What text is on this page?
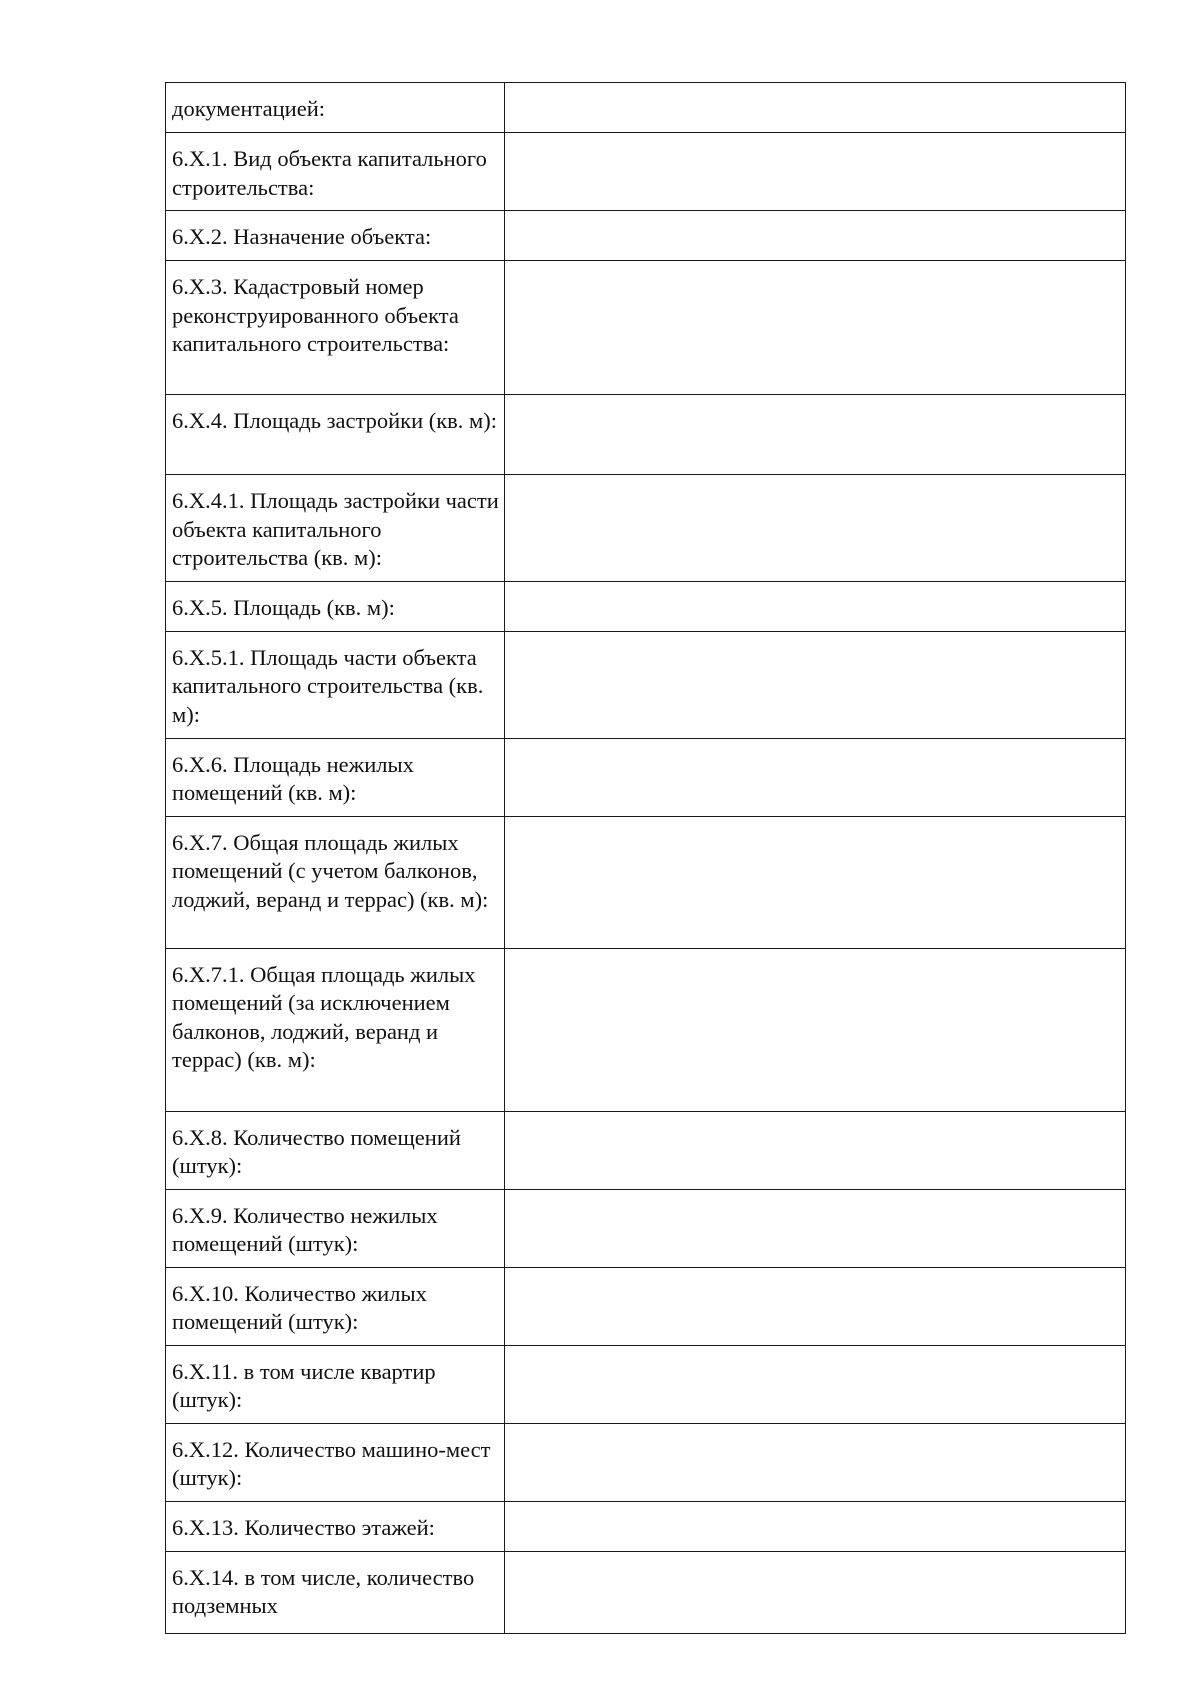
документацией:	
6.Х.1. Вид объекта капитального строительства:	
6.Х.2. Назначение объекта:	
6.Х.3. Кадастровый номер реконструированного объекта капитального строительства:	
6.Х.4. Площадь застройки (кв. м):	
6.Х.4.1. Площадь застройки части объекта капитального строительства (кв. м):	
6.Х.5. Площадь (кв. м):	
6.Х.5.1. Площадь части объекта капитального строительства (кв. м):	
6.Х.6. Площадь нежилых помещений (кв. м):	
6.Х.7. Общая площадь жилых помещений (с учетом балконов, лоджий, веранд и террас) (кв. м):	
6.Х.7.1. Общая площадь жилых помещений (за исключением балконов, лоджий, веранд и террас) (кв. м):	
6.Х.8. Количество помещений (штук):	
6.Х.9. Количество нежилых помещений (штук):	
6.Х.10. Количество жилых помещений (штук):	
6.Х.11. в том числе квартир (штук):	
6.Х.12. Количество машино-мест (штук):	
6.Х.13. Количество этажей:	
6.Х.14. в том числе, количество подземных	
